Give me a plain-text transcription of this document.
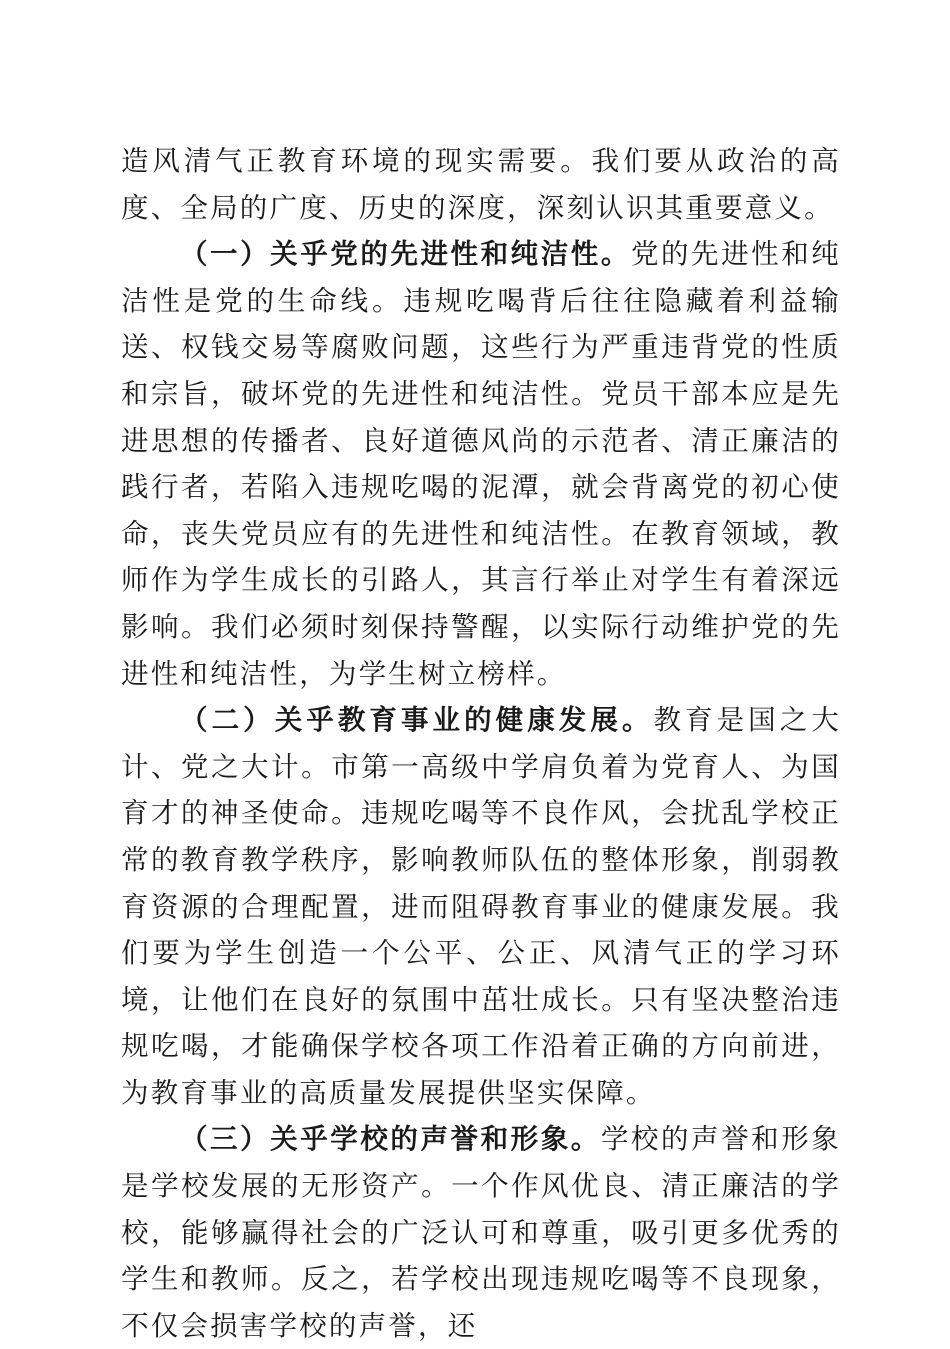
造风清气正教育环境的现实需要。我们要从政治的高度、全局的广度、历史的深度，深刻认识其重要意义。

（一）关乎党的先进性和纯洁性。党的先进性和纯洁性是党的生命线。违规吃喝背后往往隐藏着利益输送、权钱交易等腐败问题，这些行为严重违背党的性质和宗旨，破坏党的先进性和纯洁性。党员干部本应是先进思想的传播者、良好道德风尚的示范者、清正廉洁的践行者，若陷入违规吃喝的泥潭，就会背离党的初心使命，丧失党员应有的先进性和纯洁性。在教育领域，教师作为学生成长的引路人，其言行举止对学生有着深远影响。我们必须时刻保持警醒，以实际行动维护党的先进性和纯洁性，为学生树立榜样。

（二）关乎教育事业的健康发展。教育是国之大计、党之大计。市第一高级中学肩负着为党育人、为国育才的神圣使命。违规吃喝等不良作风，会扰乱学校正常的教育教学秩序，影响教师队伍的整体形象，削弱教育资源的合理配置，进而阻碍教育事业的健康发展。我们要为学生创造一个公平、公正、风清气正的学习环境，让他们在良好的氛围中茁壮成长。只有坚决整治违规吃喝，才能确保学校各项工作沿着正确的方向前进，为教育事业的高质量发展提供坚实保障。

（三）关乎学校的声誉和形象。学校的声誉和形象是学校发展的无形资产。一个作风优良、清正廉洁的学校，能够赢得社会的广泛认可和尊重，吸引更多优秀的学生和教师。反之，若学校出现违规吃喝等不良现象，不仅会损害学校的声誉，还
